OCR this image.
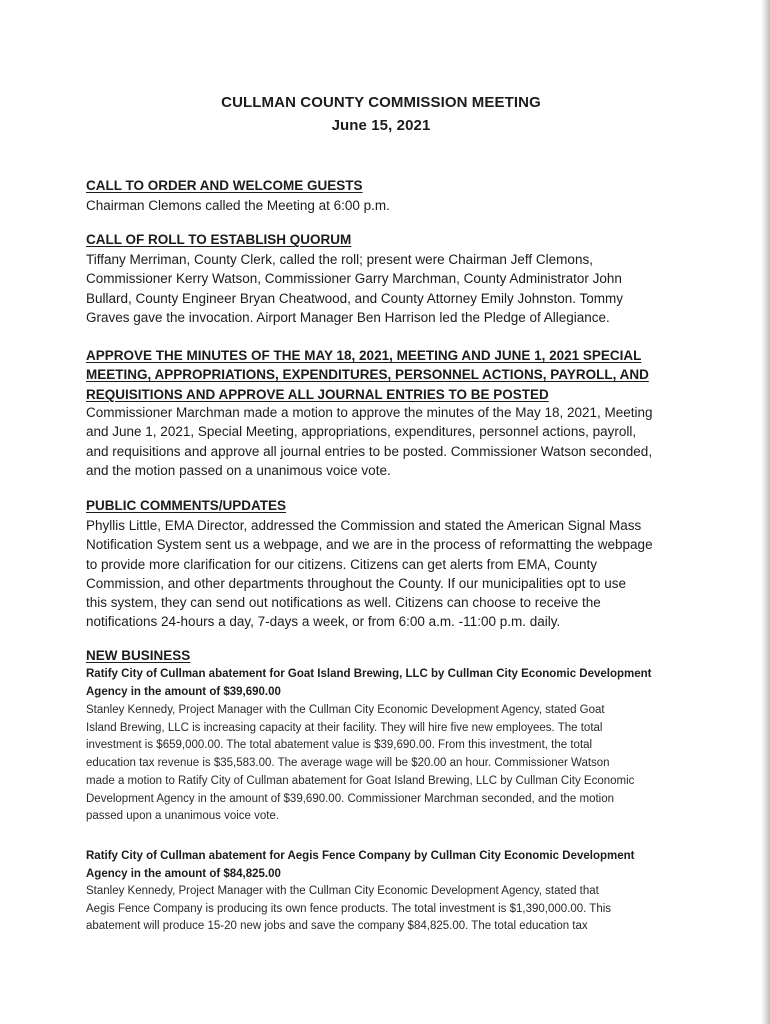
CULLMAN COUNTY COMMISSION MEETING
June 15, 2021
CALL TO ORDER AND WELCOME GUESTS
Chairman Clemons called the Meeting at 6:00 p.m.
CALL OF ROLL TO ESTABLISH QUORUM
Tiffany Merriman, County Clerk, called the roll; present were Chairman Jeff Clemons,
Commissioner Kerry Watson, Commissioner Garry Marchman, County Administrator John
Bullard, County Engineer Bryan Cheatwood, and County Attorney Emily Johnston. Tommy
Graves gave the invocation. Airport Manager Ben Harrison led the Pledge of Allegiance.
APPROVE THE MINUTES OF THE MAY 18, 2021, MEETING AND JUNE 1, 2021 SPECIAL
MEETING, APPROPRIATIONS, EXPENDITURES, PERSONNEL ACTIONS, PAYROLL, AND
REQUISITIONS AND APPROVE ALL JOURNAL ENTRIES TO BE POSTED
Commissioner Marchman made a motion to approve the minutes of the May 18, 2021, Meeting
and June 1, 2021, Special Meeting, appropriations, expenditures, personnel actions, payroll,
and requisitions and approve all journal entries to be posted. Commissioner Watson seconded,
and the motion passed on a unanimous voice vote.
PUBLIC COMMENTS/UPDATES
Phyllis Little, EMA Director, addressed the Commission and stated the American Signal Mass
Notification System sent us a webpage, and we are in the process of reformatting the webpage
to provide more clarification for our citizens. Citizens can get alerts from EMA, County
Commission, and other departments throughout the County. If our municipalities opt to use
this system, they can send out notifications as well. Citizens can choose to receive the
notifications 24-hours a day, 7-days a week, or from 6:00 a.m. -11:00 p.m. daily.
NEW BUSINESS
Ratify City of Cullman abatement for Goat Island Brewing, LLC by Cullman City Economic Development
Agency in the amount of $39,690.00
Stanley Kennedy, Project Manager with the Cullman City Economic Development Agency, stated Goat
Island Brewing, LLC is increasing capacity at their facility. They will hire five new employees. The total
investment is $659,000.00. The total abatement value is $39,690.00. From this investment, the total
education tax revenue is $35,583.00. The average wage will be $20.00 an hour. Commissioner Watson
made a motion to Ratify City of Cullman abatement for Goat Island Brewing, LLC by Cullman City Economic
Development Agency in the amount of $39,690.00. Commissioner Marchman seconded, and the motion
passed upon a unanimous voice vote.
Ratify City of Cullman abatement for Aegis Fence Company by Cullman City Economic Development
Agency in the amount of $84,825.00
Stanley Kennedy, Project Manager with the Cullman City Economic Development Agency, stated that
Aegis Fence Company is producing its own fence products. The total investment is $1,390,000.00. This
abatement will produce 15-20 new jobs and save the company $84,825.00. The total education tax
